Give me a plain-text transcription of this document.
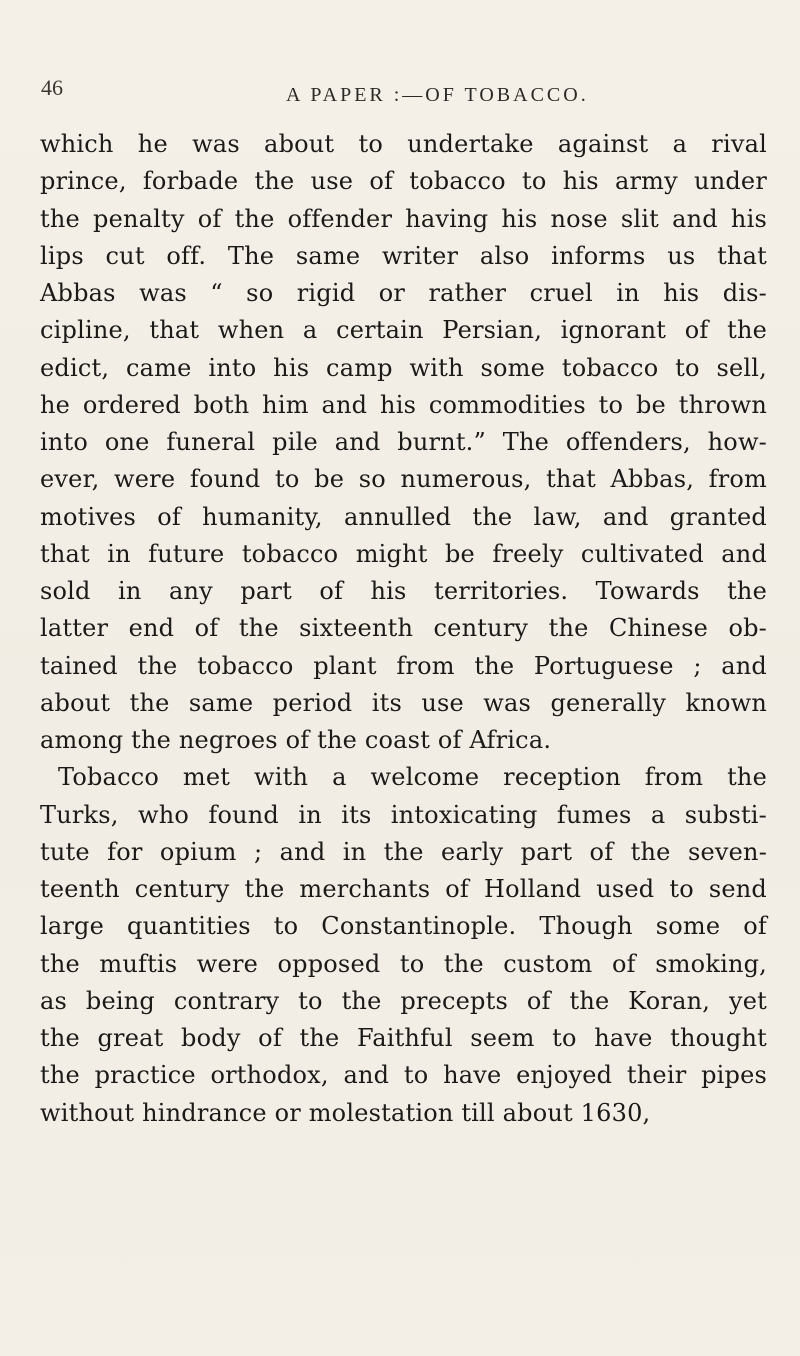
46	A PAPER :—OF TOBACCO.
which he was about to undertake against a rival
prince, forbade the use of tobacco to his army under
the penalty of the offender having his nose slit and his
lips cut off. The same writer also informs us that
Abbas was “ so rigid or rather cruel in his dis-
cipline, that when a certain Persian, ignorant of the
edict, came into his camp with some tobacco to sell,
he ordered both him and his commodities to be thrown
into one funeral pile and burnt.” The offenders, how-
ever, were found to be so numerous, that Abbas, from
motives of humanity, annulled the law, and granted
that in future tobacco might be freely cultivated and
sold in any part of his territories. Towards the
latter end of the sixteenth century the Chinese ob-
tained the tobacco plant from the Portuguese ; and
about the same period its use was generally known
among the negroes of the coast of Africa.
Tobacco met with a welcome reception from the
Turks, who found in its intoxicating fumes a substi-
tute for opium ; and in the early part of the seven-
teenth century the merchants of Holland used to send
large quantities to Constantinople. Though some of
the muftis were opposed to the custom of smoking,
as being contrary to the precepts of the Koran, yet
the great body of the Faithful seem to have thought
the practice orthodox, and to have enjoyed their pipes
without hindrance or molestation till about 1630,
